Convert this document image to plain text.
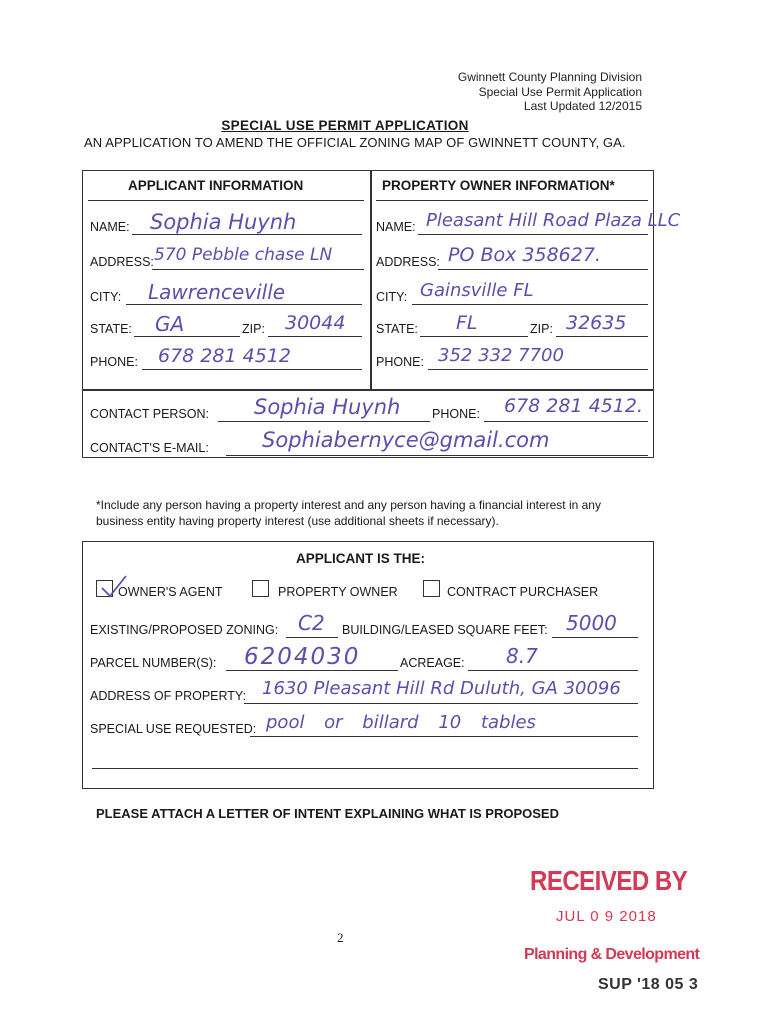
Gwinnett County Planning Division
Special Use Permit Application
Last Updated 12/2015
SPECIAL USE PERMIT APPLICATION
AN APPLICATION TO AMEND THE OFFICIAL ZONING MAP OF GWINNETT COUNTY, GA.
APPLICANT INFORMATION	PROPERTY OWNER INFORMATION*
NAME: Sophia Huynh
ADDRESS: 570 Pebble chase LN
CITY: Lawrenceville
STATE: GA	ZIP: 30044
PHONE: 678 281 4512
NAME: Pleasant Hill Road Plaza LLC
ADDRESS: PO Box 358627.
CITY: Gainsville FL
STATE: FL	ZIP: 32635
PHONE: 352 332 7700
CONTACT PERSON: Sophia Huynh	PHONE: 678 281 4512.
CONTACT'S E-MAIL:	Sophiabernyce@gmail.com
*Include any person having a property interest and any person having a financial interest in any
business entity having property interest (use additional sheets if necessary).
APPLICANT IS THE:
OWNER'S AGENT	PROPERTY OWNER	CONTRACT PURCHASER
EXISTING/PROPOSED ZONING: C2 BUILDING/LEASED SQUARE FEET: 5000
PARCEL NUMBER(S): 6204030	ACREAGE: 8.7
ADDRESS OF PROPERTY: 1630 Pleasant Hill Rd Duluth, GA 30096
SPECIAL USE REQUESTED: pool or billard 10 tables
PLEASE ATTACH A LETTER OF INTENT EXPLAINING WHAT IS PROPOSED
2
RECEIVED BY
JUL 0 9 2018
Planning & Development
SUP '18 05 3
